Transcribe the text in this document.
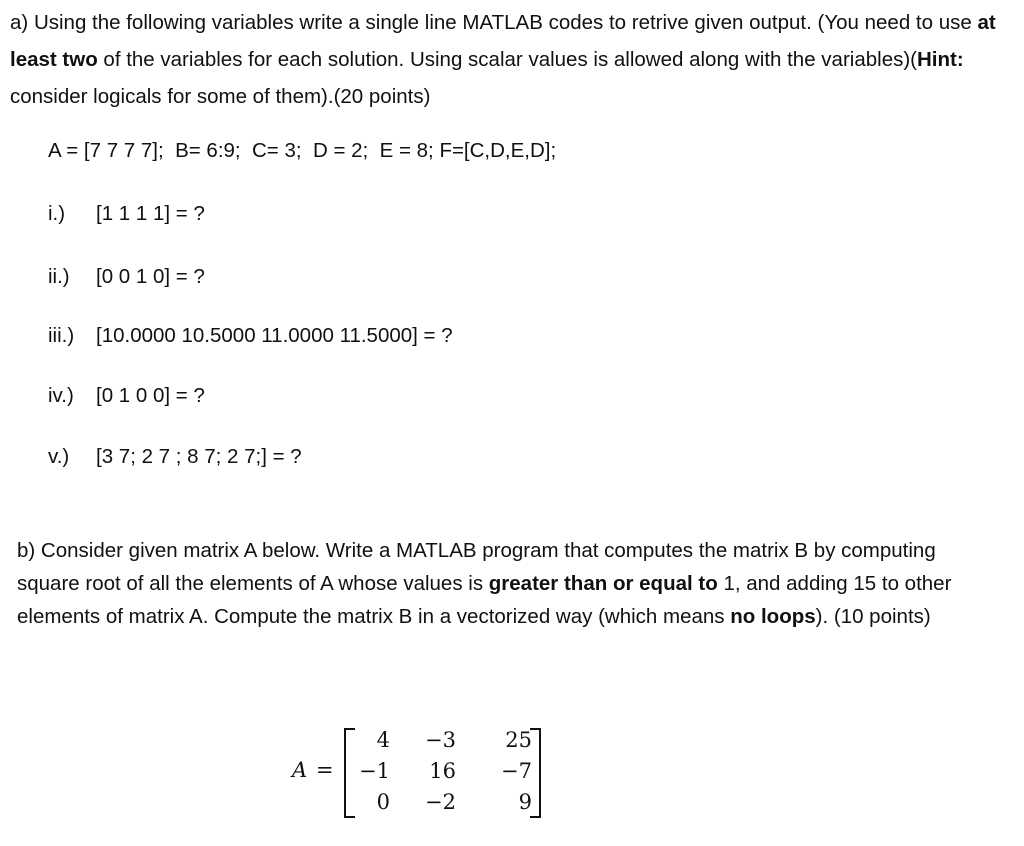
a) Using the following variables write a single line MATLAB codes to retrive given output. (You need to use at least two of the variables for each solution. Using scalar values is allowed along with the variables)(Hint: consider logicals for some of them).(20 points)
A = [7 7 7 7];  B= 6:9;  C= 3;  D = 2;  E = 8; F=[C,D,E,D];
i.) [1 1 1 1] = ?
ii.) [0 0 1 0] = ?
iii.) [10.0000 10.5000 11.0000 11.5000] = ?
iv.) [0 1 0 0] = ?
v.) [3 7; 2 7 ; 8 7; 2 7;] = ?
b) Consider given matrix A below. Write a MATLAB program that computes the matrix B by computing square root of all the elements of A whose values is greater than or equal to 1, and adding 15 to other elements of matrix A. Compute the matrix B in a vectorized way (which means no loops). (10 points)
A =
4	−3	25
−1	16	−7
0	−2	9
